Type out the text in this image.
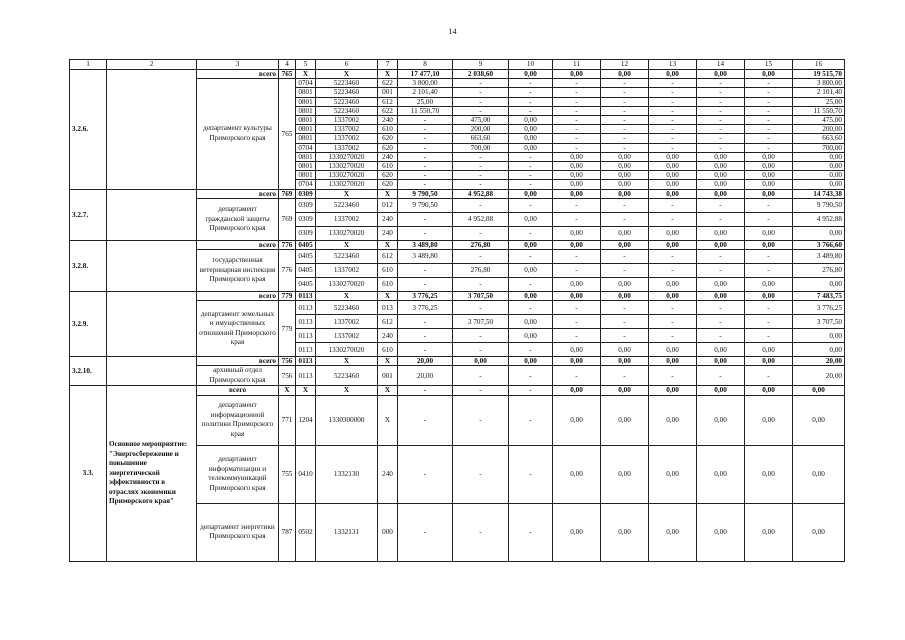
14
1	2	3	4	5	6	7	8	9	10	11	12	13	14	15	16
3.2.6.		всего	765	X	X	X	17 477,10	2 038,60	0,00	0,00	0,00	0,00	0,00	0,00	19 515,70
		департамент культуры Приморского края	765	0704	5223460	622	3 800,00	-	-	-	-	-	-	-	3 800,00
				0801	5223460	001	2 101,40	-	-	-	-	-	-	-	2 101,40
				0801	5223460	612	25,00	-	-	-	-	-	-	-	25,00
				0801	5223460	622	11 550,70	-	-	-	-	-	-	-	11 550,70
				0801	1337002	240	-	475,00	0,00	-	-	-	-	-	475,00
				0801	1337002	610	-	200,00	0,00	-	-	-	-	-	200,00
				0801	1337002	620	-	663,60	0,00	-	-	-	-	-	663,60
				0704	1337002	620	-	700,00	0,00	-	-	-	-	-	700,00
				0801	1330270020	240	-	-	-	0,00	0,00	0,00	0,00	0,00	0,00
				0801	1330270020	610	-	-	-	0,00	0,00	0,00	0,00	0,00	0,00
				0801	1330270020	620	-	-	-	0,00	0,00	0,00	0,00	0,00	0,00
				0704	1330270020	620	-	-	-	0,00	0,00	0,00	0,00	0,00	0,00
3.2.7.		всего	769	0309	X	X	9 790,50	4 952,88	0,00	0,00	0,00	0,00	0,00	0,00	14 743,38
		департамент гражданской защиты Приморского края	769	0309	5223460	012	9 790,50	-	-	-	-	-	-	-	9 790,50
				0309	1337002	240	-	4 952,88	0,00	-	-	-	-	-	4 952,88
				0309	1330270020	240	-	-	-	0,00	0,00	0,00	0,00	0,00	0,00
3.2.8.		всего	776	0405	X	X	3 489,80	276,80	0,00	0,00	0,00	0,00	0,00	0,00	3 766,60
		государственная ветеринарная инспекция Приморского края	776	0405	5223460	612	3 489,80	-	-	-	-	-	-	-	3 489,80
				0405	1337002	610	-	276,80	0,00	-	-	-	-	-	276,80
				0405	1330270020	610	-	-	-	0,00	0,00	0,00	0,00	0,00	0,00
3.2.9.		всего	779	0113	X	X	3 776,25	3 707,50	0,00	0,00	0,00	0,00	0,00	0,00	7 483,75
		департамент земельных и имущественных отношений Приморского края	779	0113	5223460	013	3 776,25	-	-	-	-	-	-	-	3 776,25
				0113	1337002	612	-	3 707,50	0,00	-	-	-	-	-	3 707,50
				0113	1337002	240	-	-	0,00	-	-	-	-	-	0,00
				0113	1330270020	610	-	-	-	0,00	0,00	0,00	0,00	0,00	0,00
3.2.10.		всего	756	0113	X	X	20,00	0,00	0,00	0,00	0,00	0,00	0,00	0,00	20,00
		архивный отдел Приморского края	756	0113	5223460	001	20,00	-	-	-	-	-	-	-	20,00
3.3.	Основное мероприятие: "Энергосбережение и повышение энергетической эффективности в отраслях экономики Приморского края"	всего	X	X	X	X	-	-	-	0,00	0,00	0,00	0,00	0,00	0,00
		департамент информационной политики Приморского края	771	1204	1330300000	X	-	-	-	0,00	0,00	0,00	0,00	0,00	0,00
		департамент информатизации и телекоммуникаций Приморского края	755	0410	1332130	240	-	-	-	0,00	0,00	0,00	0,00	0,00	0,00
		департамент энергетики Приморского края	787	0502	1332131	000	-	-	-	0,00	0,00	0,00	0,00	0,00	0,00
